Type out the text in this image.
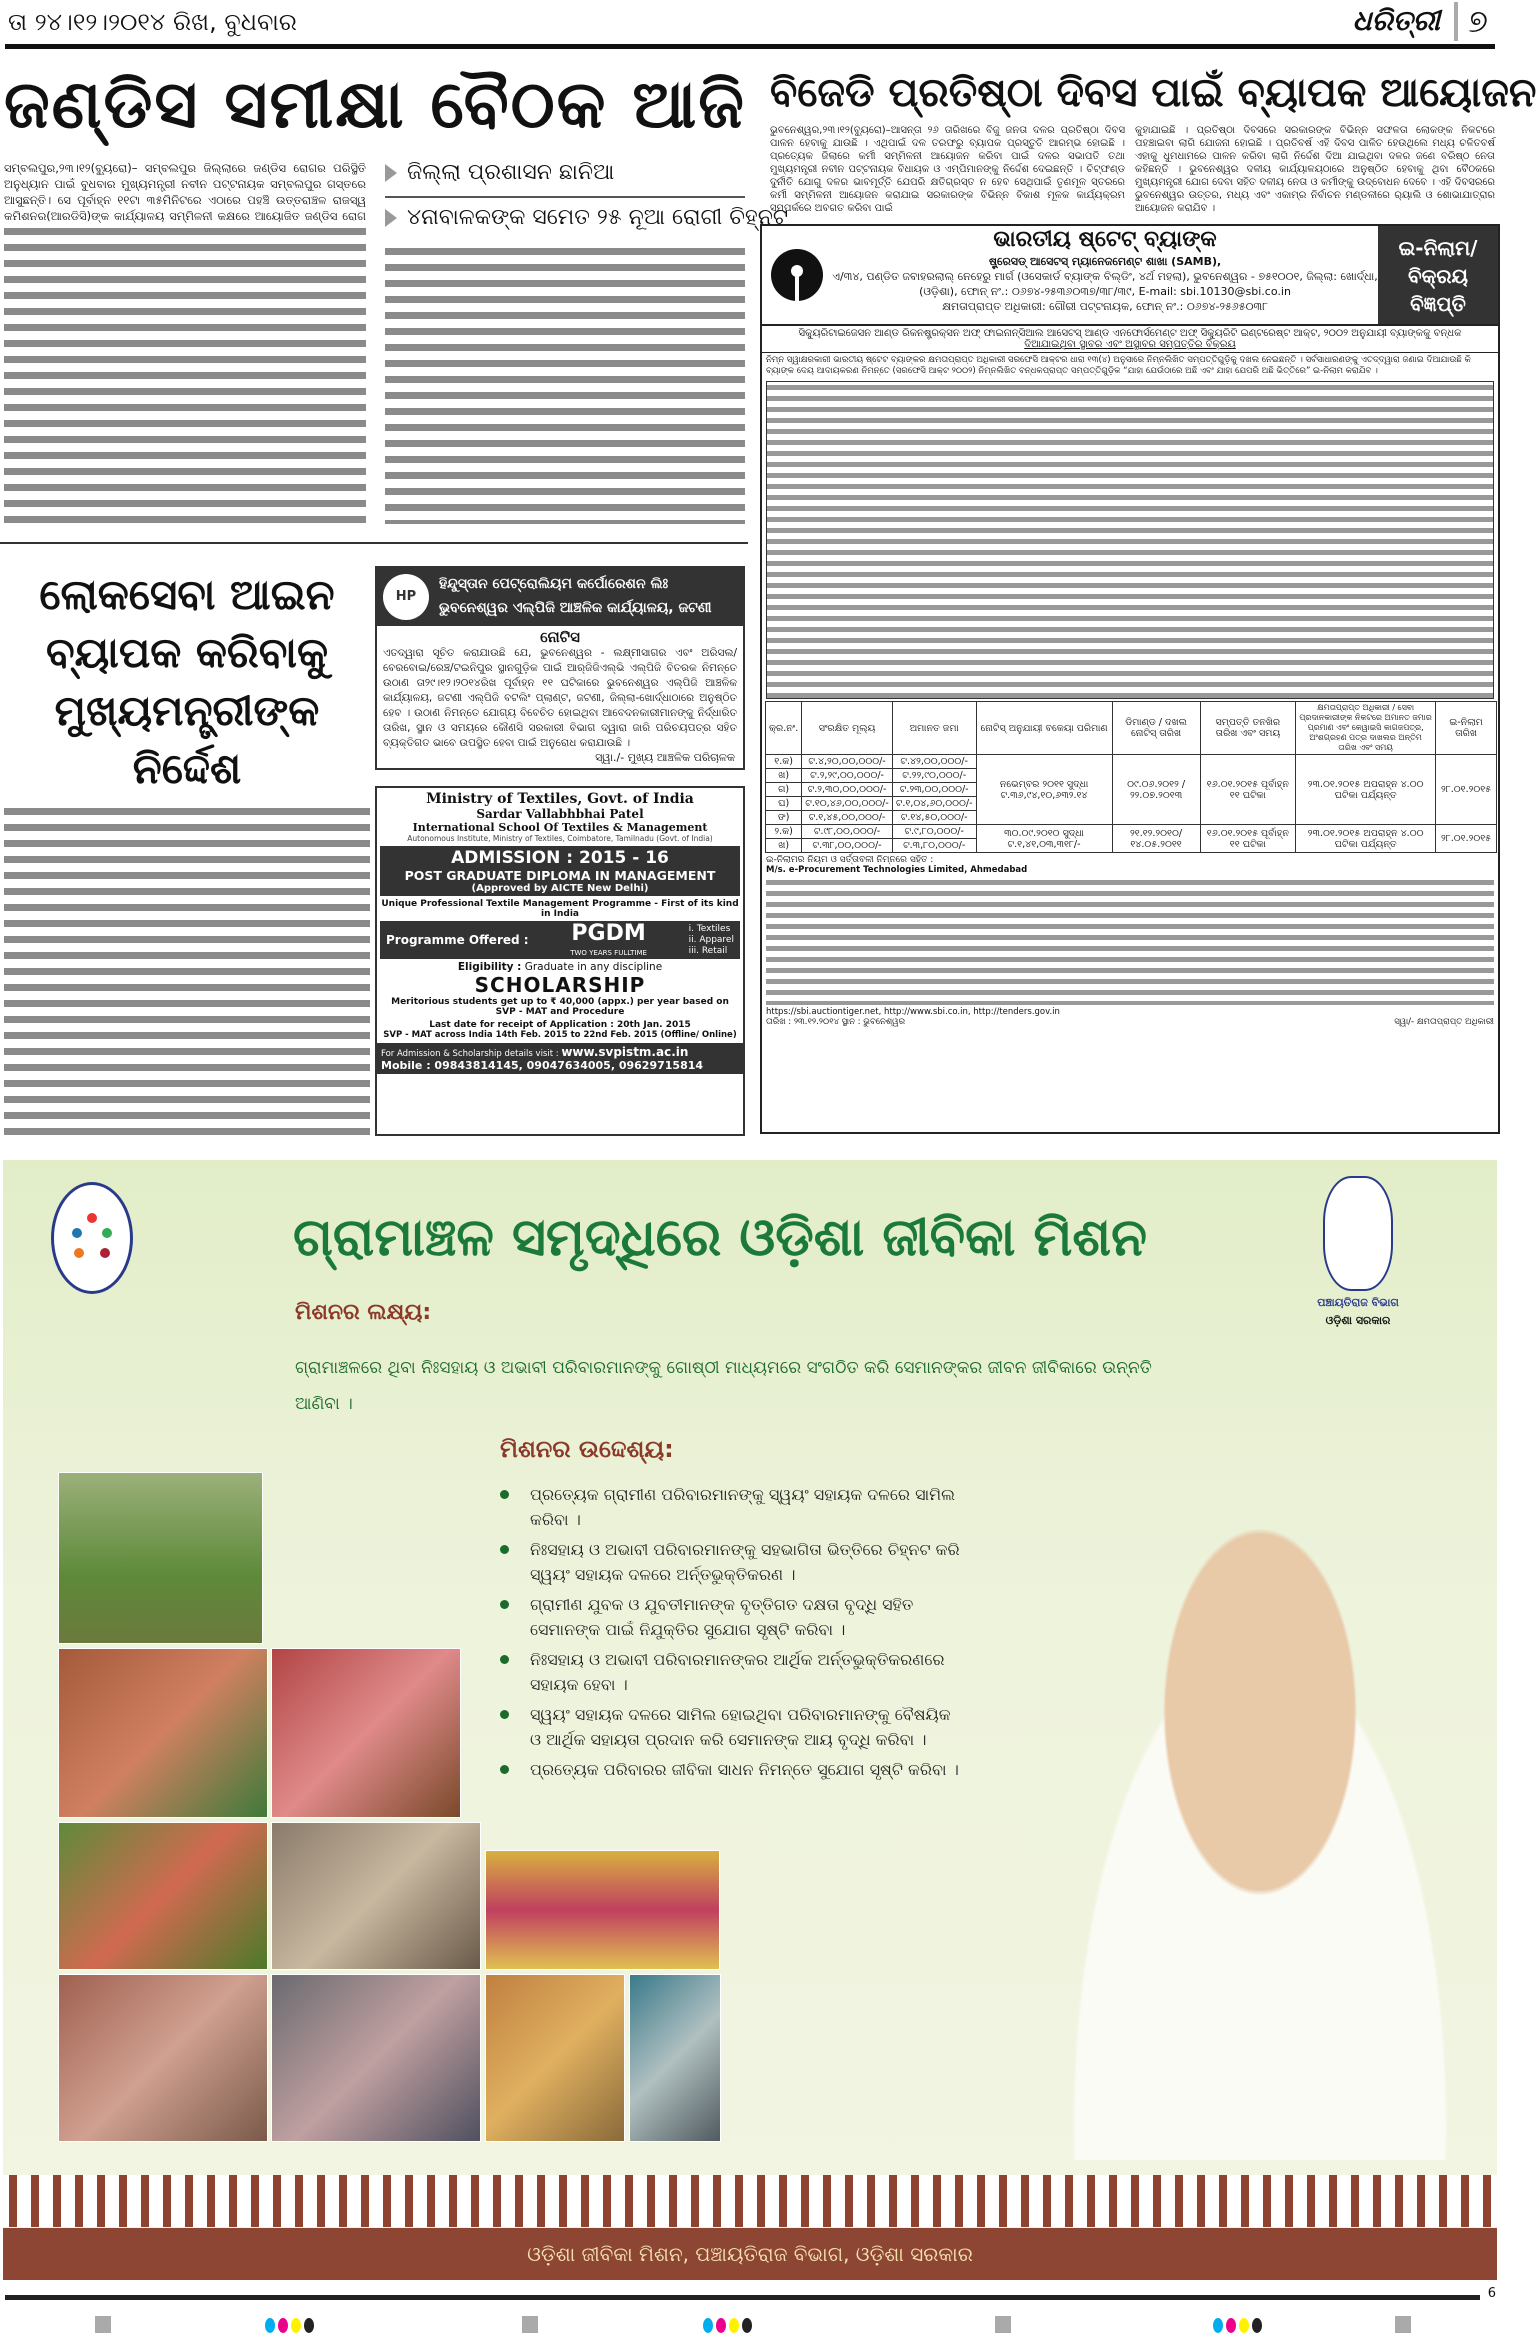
ତା ୨୪।୧୨।୨୦୧୪ ରିଖ, ବୁଧବାର	ଧରିତ୍ରୀ ୭
ଜଣ୍ଡିସ ସମୀକ୍ଷା ବୈଠକ ଆଜି
ସମ୍ବଲପୁର,୨୩।୧୨(ବ୍ୟୁରୋ)– ସମ୍ବଲପୁର ଜିଲ୍ଲାରେ ଜଣ୍ଡିସ ରୋଗର ପରିସ୍ଥିତି ଅନୁଧ୍ୟାନ ପାଇଁ ବୁଧବାର ମୁଖ୍ୟମନ୍ତ୍ରୀ ନବୀନ ପଟ୍ଟନାୟକ ସମ୍ବଲପୁର ଗସ୍ତରେ ଆସୁଛନ୍ତି। ସେ ପୂର୍ବାହ୍ନ ୧୧ଟା ୩୫ମିନିଟରେ ଏଠାରେ ପହଞ୍ଚି ଉତ୍ତରାଞ୍ଚଳ ରାଜସ୍ୱ କମିଶନର(ଆରଡିସି)ଙ୍କ କାର୍ଯ୍ୟାଳୟ ସମ୍ମିଳନୀ କକ୍ଷରେ ଆୟୋଜିତ ଜଣ୍ଡିସ ରୋଗ
ଜିଲ୍ଲା ପ୍ରଶାସନ ଛାନିଆ
୪ନାବାଳକଙ୍କ ସମେତ ୨୫ ନୂଆ ରୋଗୀ ଚିହ୍ନଟ
ଲୋକସେବା ଆଇନ ବ୍ୟାପକ କରିବାକୁ ମୁଖ୍ୟମନ୍ତ୍ରୀଙ୍କ ନିର୍ଦ୍ଦେଶ
HP
ହିନ୍ଦୁସ୍ତାନ ପେଟ୍ରୋଲିୟମ କର୍ପୋରେଶନ ଲିଃ
ଭୁବନେଶ୍ୱର ଏଲ୍‌ପିଜି ଆଞ୍ଚଳିକ କାର୍ଯ୍ୟାଳୟ, ଜଟଣୀ
ନୋଟିସ
ଏତଦ୍ୱାରା ସୂଚିତ କରାଯାଉଛି ଯେ, ଭୁବନେଶ୍ୱର - ଲକ୍ଷ୍ମୀସାଗର ଏବଂ ଅରିସଲ/ ବେରବୋଇ/ରେଞ୍ଚ/ଟଇନିପୁର ସ୍ଥାନଗୁଡ଼ିକ ପାଇଁ ଆର୍‌ଜିଜିଏଲ୍‌ଭି ଏଲ୍‌ପିଜି ବିତରକ ନିମନ୍ତେ ଉଠାଣ ତା୨୯।୧୨।୨୦୧୪ରିଖ ପୂର୍ବାହ୍ନ ୧୧ ଘଟିକାରେ ଭୁବନେଶ୍ୱର ଏଲ୍‌ପିଜି ଆଞ୍ଚଳିକ କାର୍ଯ୍ୟାଳୟ, ଜଟଣୀ ଏଲ୍‌ପିଜି ବଟଲିଂ ପ୍ଲାଣ୍ଟ, ଜଟଣୀ, ଜିଲ୍ଲା-ଖୋର୍ଦ୍ଧାଠାରେ ଅନୁଷ୍ଠିତ ହେବ । ଉଠାଣ ନିମନ୍ତେ ଯୋଗ୍ୟ ବିବେଚିତ ହୋଇଥିବା ଆବେଦନକାରୀମାନଙ୍କୁ ନିର୍ଦ୍ଧାରିତ ତାରିଖ, ସ୍ଥାନ ଓ ସମୟରେ କୌଣସି ସରକାରୀ ବିଭାଗ ଦ୍ୱାରା ଜାରି ପରିଚୟପତ୍ର ସହିତ ବ୍ୟକ୍ତିଗତ ଭାବେ ଉପସ୍ଥିତ ହେବା ପାଇଁ ଅନୁରୋଧ କରାଯାଉଛି ।
ସ୍ୱା./- ମୁଖ୍ୟ ଆଞ୍ଚଳିକ ପରିଚାଳକ
Ministry of Textiles, Govt. of India
Sardar Vallabhbhai Patel
International School Of Textiles & Management
Autonomous Institute, Ministry of Textiles, Coimbatore, Tamilnadu (Govt. of India)
ADMISSION : 2015 - 16
POST GRADUATE DIPLOMA IN MANAGEMENT
(Approved by AICTE New Delhi)
Unique Professional Textile Management Programme - First of its kind in India
Programme Offered : PGDM
TWO YEARS FULLTIME
i. Textiles
ii. Apparel
iii. Retail
Eligibility : Graduate in any discipline
SCHOLARSHIP
Meritorious students get up to ₹ 40,000 (appx.) per year based on SVP - MAT and Procedure
Last date for receipt of Application : 20th Jan. 2015
SVP - MAT across India 14th Feb. 2015 to 22nd Feb. 2015 (Offline/ Online)
For Admission & Scholarship details visit : www.svpistm.ac.in
Mobile : 09843814145, 09047634005, 09629715814
ବିଜେଡି ପ୍ରତିଷ୍ଠା ଦିବସ ପାଇଁ ବ୍ୟାପକ ଆୟୋଜନ
ଭୁବନେଶ୍ୱର,୨୩।୧୨(ବ୍ୟୁରୋ)–ଆସନ୍ତା ୨୬ ତାରିଖରେ ବିଜୁ ଜନତା ଦଳର ପ୍ରତିଷ୍ଠା ଦିବସ ପାଳନ ହେବାକୁ ଯାଉଛି । ଏଥିପାଇଁ ଦଳ ତରଫରୁ ବ୍ୟାପକ ପ୍ରସ୍ତୁତି ଆରମ୍ଭ ହୋଇଛି । ପ୍ରତ୍ୟେକ ଜିଲାରେ କର୍ମୀ ସମ୍ମିଳନୀ ଆୟୋଜନ କରିବା ପାଇଁ ଦଳର ସଭାପତି ତଥା ମୁଖ୍ୟମନ୍ତ୍ରୀ ନବୀନ ପଟ୍ଟନାୟକ ବିଧାୟକ ଓ ଏମ୍‌ପିମାନଙ୍କୁ ନିର୍ଦ୍ଦେଶ ଦେଇଛନ୍ତି । ଚିଟ୍‌ଫଣ୍ଡ ଦୁର୍ନୀତି ଯୋଗୁ ଦଳର ଭାବମୂର୍ତ୍ତି ଯେପରି କ୍ଷତିଗ୍ରସ୍ତ ନ ହେବ ସେଥିପାଇଁ ତୃଣମୂଳ ସ୍ତରରେ କର୍ମୀ ସମ୍ମିଳନୀ ଆୟୋଜନ କରାଯାଇ ସରକାରଙ୍କ ବିଭିନ୍ନ ବିକାଶ ମୂଳକ କାର୍ଯ୍ୟକ୍ରମ ସମ୍ପର୍କରେ ଅବଗତ କରିବା ପାଇଁ
କୁହାଯାଇଛି । ପ୍ରତିଷ୍ଠା ଦିବସରେ ସରକାରଙ୍କ ବିଭିନ୍ନ ସଫଳତା ଲୋକଙ୍କ ନିକଟରେ ପହଞ୍ଚାଇବା ଲାଗି ଯୋଜନା ହୋଇଛି । ପ୍ରତିବର୍ଷ ଏହି ଦିବସ ପାଳିତ ହେଉଥିଲେ ମଧ୍ୟ ଚଳିତବର୍ଷ ଏହାକୁ ଧୁମଧାମରେ ପାଳନ କରିବା ଲାଗି ନିର୍ଦ୍ଦେଶ ଦିଆ ଯାଇଥିବା ଦଳର ଜଣେ ବରିଷ୍ଠ ନେତା କହିଛନ୍ତି । ଭୁବନେଶ୍ୱର ଦଳୀୟ କାର୍ଯ୍ୟାଳୟଠାରେ ଅନୁଷ୍ଠିତ ହେବାକୁ ଥିବା ବୈଠକରେ ମୁଖ୍ୟମନ୍ତ୍ରୀ ଯୋଗ ଦେବା ସହିତ ଦଳୀୟ ନେତା ଓ କର୍ମୀଙ୍କୁ ଉଦ୍‌ବୋଧନ ଦେବେ । ଏହି ଦିବସରରେ ଭୁବନେଶ୍ୱର ଉତ୍ତର, ମଧ୍ୟ ଏବଂ ଏକାମ୍ର ନିର୍ବାଚନ ମଣ୍ଡଳୀରେ ର୍‍ୟାଲି ଓ ଶୋଭାଯାତ୍ରାର ଆୟୋଜନ କରାଯିବ ।
ଭାରତୀୟ ଷ୍ଟେଟ୍ ବ୍ୟାଙ୍କ
ଷ୍ଟ୍ରେସଡ୍ ଆସେଟସ୍ ମ୍ୟାନେଜମେଣ୍ଟ ଶାଖା (SAMB),
ଏ/୩୪, ପଣ୍ଡିତ ଜବାହରଲାଲ୍ ନେହେରୁ ମାର୍ଗ (ଓସେକାର୍ଡ ବ୍ୟାଙ୍କ ବିଲ୍ଡିଂ, ୪ର୍ଥ ମହଲା), ଭୁବନେଶ୍ୱର - ୭୫୧୦୦୧, ଜିଲ୍ଲା: ଖୋର୍ଦ୍ଧା,
(ଓଡ଼ିଶା), ଫୋନ୍ ନଂ.: ୦୬୭୪-୨୫୩୬୦୩୭/୩୮/୩୯, E-mail: sbi.10130@sbi.co.in
କ୍ଷମତାପ୍ରାପ୍ତ ଅଧିକାରୀ: ଗୌରୀ ପଟ୍ଟନାୟକ, ଫୋନ୍ ନଂ.: ୦୬୭୪-୨୫୬୫୦୩୮
ଇ-ନିଲାମ/ ବିକ୍ରୟ ବିଜ୍ଞପ୍ତି
ସିକ୍ୟୁରିଟାଇଜେସନ ଆଣ୍ଡ ରିକନଷ୍ଟ୍ରକ୍ସନ ଅଫ୍ ଫାଇନାନ୍‌ସିଆଲ ଆସେଟସ୍ ଆଣ୍ଡ ଏନଫୋର୍ସମେଣ୍ଟ ଅଫ୍ ସିକ୍ୟୁରିଟି ଇଣ୍ଟରେଷ୍ଟ ଆକ୍ଟ, ୨୦୦୨ ଅନୁଯାୟୀ ବ୍ୟାଙ୍କକୁ ବନ୍ଧକ
ଦିଆଯାଇଥିବା ସ୍ଥାବର ଏବଂ ଅସ୍ଥାବର ସମ୍ପତ୍ତିର ବିକ୍ରୟ
ନିମ୍ନ ସ୍ୱାକ୍ଷରକାରୀ ଭାରତୀୟ ଷ୍ଟେଟ ବ୍ୟାଙ୍କର କ୍ଷମତାପ୍ରାପ୍ତ ଅଧିକାରୀ ସରଫେସି ଆକ୍ଟର ଧାରା ୧୩(୪) ଅନୁସାରେ ନିମ୍ନଲିଖିତ ସମ୍ପତ୍ତିଗୁଡ଼ିକୁ ଦଖଲ ନେଇଛନ୍ତି । ସର୍ବସାଧାରଣଙ୍କୁ ଏତଦ୍‌ଦ୍ୱାରା ଜଣାଇ ଦିଆଯାଉଛି କି ବ୍ୟାଙ୍କ ଦେୟ ଆଦାୟକରଣ ନିମନ୍ତେ (ସରଫେସି ଆକ୍ଟ ୨୦୦୨) ନିମ୍ନଲିଖିତ ବନ୍ଧକପ୍ରାପ୍ତ ସମ୍ପତ୍ତିଗୁଡ଼ିକ “ଯାହା ଯେଉଁଠାରେ ଅଛି ଏବଂ ଯାହା ଯେପରି ଅଛି ଭିତ୍ତିରେ” ଇ-ନିଲାମ କରାଯିବ ।
କ୍ର.ନଂ.	ସଂରକ୍ଷିତ ମୂଲ୍ୟ	ଅମାନତ ଜମା	ନୋଟିସ୍ ଅନୁଯାୟୀ ବକେୟା ପରିମାଣ	ଡିମାଣ୍ଡ / ଦଖଲ ନୋଟିସ୍ ତାରିଖ	ସମ୍ପତ୍ତି ତନଖିର ତାରିଖ ଏବଂ ସମୟ	କ୍ଷମତାପ୍ରାପ୍ତ ଅଧିକାରୀ / ସେବା ପ୍ରଦାନକାରୀଙ୍କ ନିକଟରେ ଅମାନତ ଜମାର ପ୍ରମାଣ ଏବଂ କେୱାଇସି କାଗଜପତ୍ର, ଅଂଶଗ୍ରହଣ ପତ୍ର ଦାଖଲର ଅନ୍ତିମ ତାରିଖ ଏବଂ ସମୟ	ଇ-ନିଲାମ ତାରିଖ
୧.କ)	ଟ.୪,୨୦,୦୦,୦୦୦/-	ଟ.୪୨,୦୦,୦୦୦/-	ନଭେମ୍ବର ୨୦୧୧ ସୁଦ୍ଧା ଟ.୩୬,୯୪,୧୦,୬୩୨.୧୪	୦୯.୦୬.୨୦୧୨ / ୨୨.୦୭.୨୦୧୩	୧୬.୦୧.୨୦୧୫ ପୂର୍ବାହ୍ନ ୧୧ ଘଟିକା	୨୩.୦୧.୨୦୧୫ ଅପରାହ୍ନ ୪.୦୦ ଘଟିକା ପର୍ଯ୍ୟନ୍ତ	୨୮.୦୧.୨୦୧୫
ଖ)	ଟ.୨,୨୯,୦୦,୦୦୦/-	ଟ.୨୨,୯୦,୦୦୦/-					
ଗ)	ଟ.୨,୩୦,୦୦,୦୦୦/-	ଟ.୨୩,୦୦,୦୦୦/-					
ଘ)	ଟ.୧୦,୪୬,୦୦,୦୦୦/-	ଟ.୧,୦୪,୬୦,୦୦୦/-					
ଙ)	ଟ.୧,୪୫,୦୦,୦୦୦/-	ଟ.୧୪,୫୦,୦୦୦/-					
୨.କ)	ଟ.୯୮,୦୦,୦୦୦/-	ଟ.୯,୮୦,୦୦୦/-	୩୦.୦୯.୨୦୧୦ ସୁଦ୍ଧା ଟ.୧,୪୧,୦୩,୩୧୮/-	୨୧.୧୨.୨୦୧୦/ ୧୪.୦୫.୨୦୧୧	୧୬.୦୧.୨୦୧୫ ପୂର୍ବାହ୍ନ ୧୧ ଘଟିକା	୨୩.୦୧.୨୦୧୫ ଅପରାହ୍ନ ୪.୦୦ ଘଟିକା ପର୍ଯ୍ୟନ୍ତ	୨୮.୦୧.୨୦୧୫
ଖ)	ଟ.୩୮,୦୦,୦୦୦/-	ଟ.୩,୮୦,୦୦୦/-					
ଇ-ନିଲାମର ନିୟମ ଓ ସର୍ତ୍ତାବଳୀ ନିମ୍ନରେ ସହିତ :
M/s. e-Procurement Technologies Limited, Ahmedabad
https://sbi.auctiontiger.net, http://www.sbi.co.in, http://tenders.gov.in
ତାରିଖ : ୨୩.୧୨.୨୦୧୪ ସ୍ଥାନ : ଭୁବନେଶ୍ୱର	ସ୍ୱା/- କ୍ଷମତାପ୍ରାପ୍ତ ଅଧିକାରୀ
ଗ୍ରାମାଞ୍ଚଳ ସମୃଦ୍ଧିରେ ଓଡ଼ିଶା ଜୀବିକା ମିଶନ
ପଞ୍ଚାୟତିରାଜ ବିଭାଗ
ଓଡ଼ିଶା ସରକାର
ମିଶନର ଲକ୍ଷ୍ୟ:
ଗ୍ରାମାଞ୍ଚଳରେ ଥିବା ନିଃସହାୟ ଓ ଅଭାବୀ ପରିବାରମାନଙ୍କୁ ଗୋଷ୍ଠୀ ମାଧ୍ୟମରେ ସଂଗଠିତ କରି ସେମାନଙ୍କର ଜୀବନ ଜୀବିକାରେ ଉନ୍ନତି ଆଣିବା ।
ମିଶନର ଉଦ୍ଦେଶ୍ୟ:
ପ୍ରତ୍ୟେକ ଗ୍ରାମୀଣ ପରିବାରମାନଙ୍କୁ ସ୍ୱୟଂ ସହାୟକ ଦଳରେ ସାମିଲ କରିବା ।
ନିଃସହାୟ ଓ ଅଭାବୀ ପରିବାରମାନଙ୍କୁ ସହଭାଗିତା ଭିତ୍ତିରେ ଚିହ୍ନଟ କରି ସ୍ୱୟଂ ସହାୟକ ଦଳରେ ଅର୍ନ୍ତଭୁକ୍ତିକରଣ ।
ଗ୍ରାମୀଣ ଯୁବକ ଓ ଯୁବତୀମାନଙ୍କ ବୃତ୍ତିଗତ ଦକ୍ଷତା ବୃଦ୍ଧି ସହିତ ସେମାନଙ୍କ ପାଇଁ ନିଯୁକ୍ତିର ସୁଯୋଗ ସୃଷ୍ଟି କରିବା ।
ନିଃସହାୟ ଓ ଅଭାବୀ ପରିବାରମାନଙ୍କର ଆର୍ଥିକ ଅର୍ନ୍ତଭୁକ୍ତିକରଣରେ ସହାୟକ ହେବା ।
ସ୍ୱୟଂ ସହାୟକ ଦଳରେ ସାମିଲ ହୋଇଥିବା ପରିବାରମାନଙ୍କୁ ବୈଷୟିକ ଓ ଆର୍ଥିକ ସହାୟତା ପ୍ରଦାନ କରି ସେମାନଙ୍କ ଆୟ ବୃଦ୍ଧି କରିବା ।
ପ୍ରତ୍ୟେକ ପରିବାରର ଜୀବିକା ସାଧନ ନିମନ୍ତେ ସୁଯୋଗ ସୃଷ୍ଟି କରିବା ।
ଓଡ଼ିଶା ଜୀବିକା ମିଶନ, ପଞ୍ଚାୟତିରାଜ ବିଭାଗ, ଓଡ଼ିଶା ସରକାର
6
